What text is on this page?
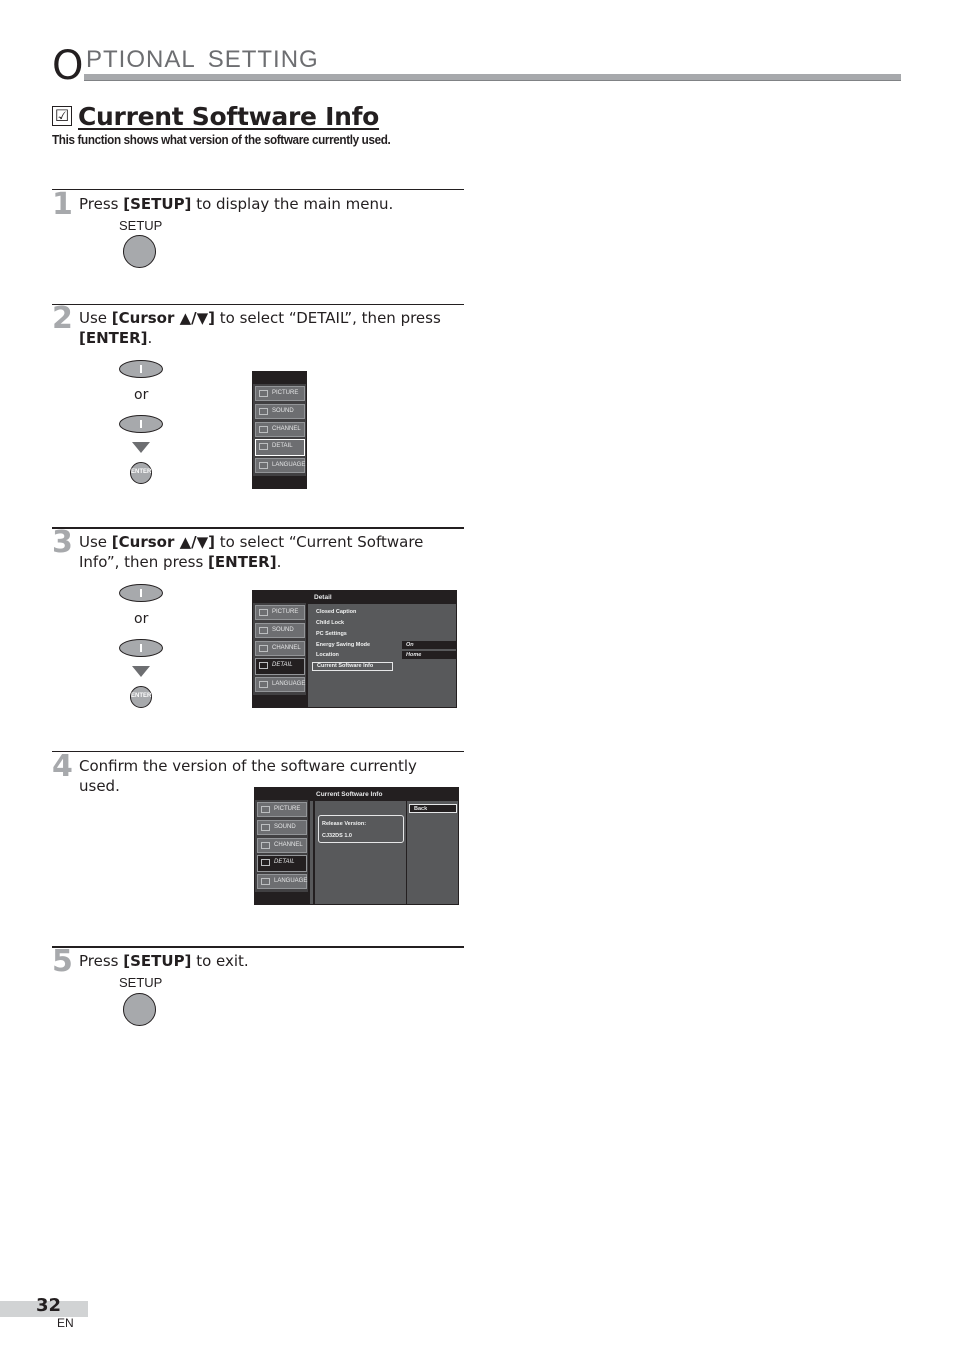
O PTIONAL SETTING
☑ Current Software Info
This function shows what version of the software currently used.
1 Press [SETUP] to display the main menu.
SETUP
2 Use [Cursor ▲/▼] to select “DETAIL”, then press [ENTER].
or
ENTER
PICTURE
SOUND
CHANNEL
DETAIL
LANGUAGE
3 Use [Cursor ▲/▼] to select “Current Software Info”, then press [ENTER].
or
ENTER
PICTURE
SOUND
CHANNEL
DETAIL
LANGUAGE
Detail
Closed Caption
Child Lock
PC Settings
Energy Saving Mode	On
Location	Home
Current Software Info
4 Confirm the version of the software currently used.
PICTURE
SOUND
CHANNEL
DETAIL
LANGUAGE
Current Software Info
Release Version:
CJ32DS 1.0
Back
5 Press [SETUP] to exit.
SETUP
32
EN
